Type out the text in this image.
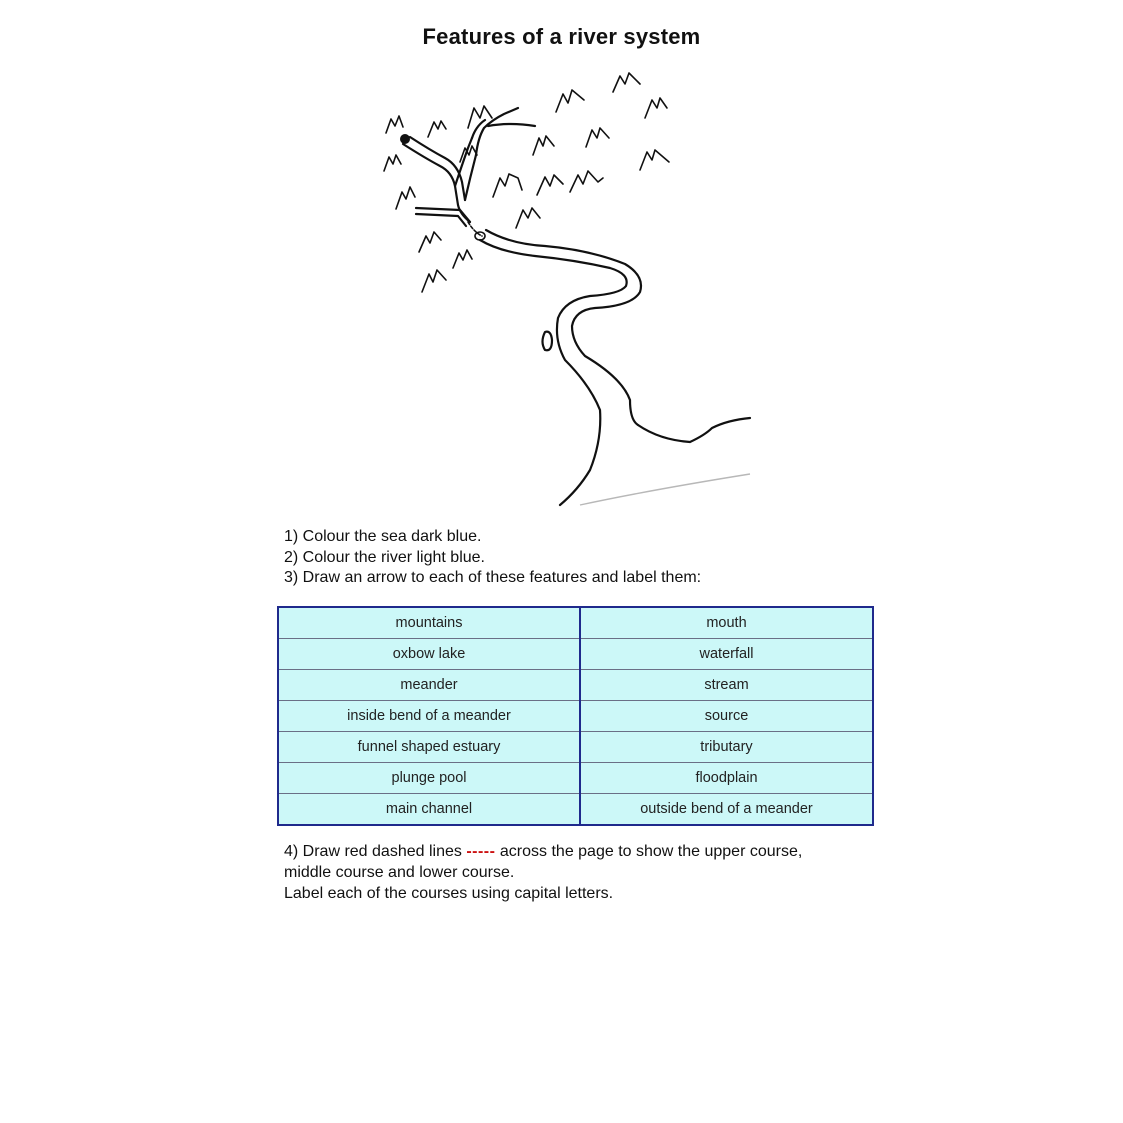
Features of a river system
1) Colour the sea dark blue.
2) Colour the river light blue.
3) Draw an arrow to each of these features and label them:
mountains	mouth
oxbow lake	waterfall
meander	stream
inside bend of a meander	source
funnel shaped estuary	tributary
plunge pool	floodplain
main channel	outside bend of a meander
4) Draw red dashed lines ----- across the page to show the upper course, middle course and lower course.
Label each of the courses using capital letters.
